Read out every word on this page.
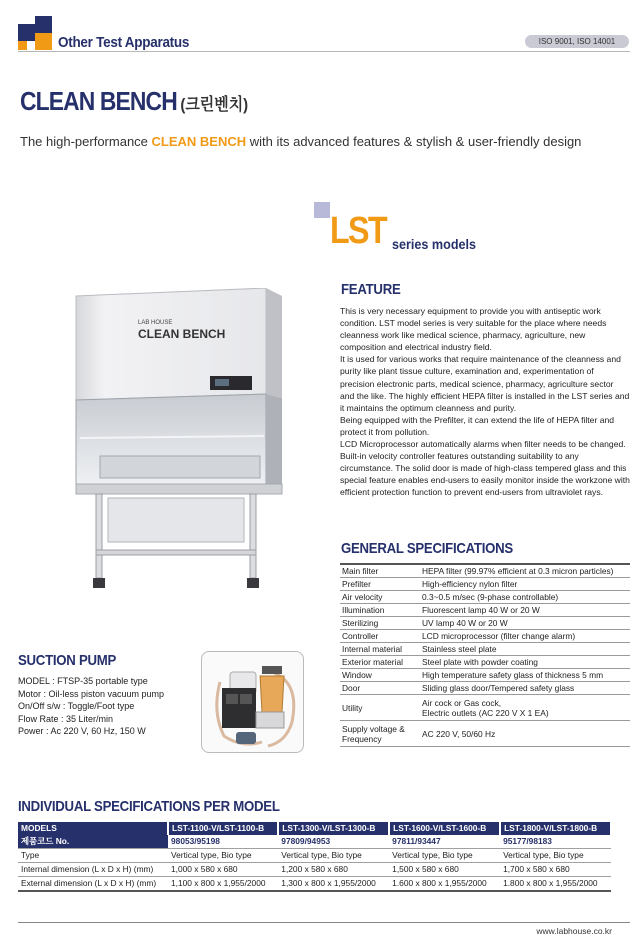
Other Test Apparatus	ISO 9001, ISO 14001
CLEAN BENCH (크린벤치)
The high-performance CLEAN BENCH with its advanced features & stylish & user-friendly design
LST series models
LAB HOUSE
CLEAN BENCH
FEATURE

This is very necessary equipment to provide you with antiseptic work condition. LST model series is very suitable for the place where needs cleanness work like medical science, pharmacy, agriculture, new composition and electrical industry field.

It is used for various works that require maintenance of the cleanness and purity like plant tissue culture, examination and, experimentation of precision electronic parts, medical science, pharmacy, agriculture sector and the like. The highly efficient HEPA filter is installed in the LST series and it maintains the optimum cleanness and purity.

Being equipped with the Prefilter, it can extend the life of HEPA filter and protect it from pollution.

LCD Microprocessor automatically alarms when filter needs to be changed. Built-in velocity controller features outstanding suitability to any circumstance. The solid door is made of high-class tempered glass and this special feature enables end-users to easily monitor inside the workzone with efficient protection function to prevent end-users from ultraviolet rays.

GENERAL SPECIFICATIONS
Main filter	HEPA filter (99.97% efficient at 0.3 micron particles)
Prefilter	High-efficiency nylon filter
Air velocity	0.3~0.5 m/sec (9-phase controllable)
Illumination	Fluorescent lamp 40 W or 20 W
Sterilizing	UV lamp 40 W or 20 W
Controller	LCD microprocessor (filter change alarm)
Internal material	Stainless steel plate
Exterior material	Steel plate with powder coating
Window	High temperature safety glass of thickness 5 mm
Door	Sliding glass door/Tempered safety glass
Utility	Air cock or Gas cock,
Electric outlets (AC 220 V X 1 EA)
Supply voltage &
Frequency	AC 220 V, 50/60 Hz
SUCTION PUMP
MODEL : FTSP-35 portable type
Motor : Oil-less piston vacuum pump
On/Off s/w : Toggle/Foot type
Flow Rate : 35 Liter/min
Power : Ac 220 V, 60 Hz, 150 W
INDIVIDUAL SPECIFICATIONS PER MODEL
MODELS	LST-1100-V/LST-1100-B	LST-1300-V/LST-1300-B	LST-1600-V/LST-1600-B	LST-1800-V/LST-1800-B
제품코드 No.	98053/95198	97809/94953	97811/93447	95177/98183
Type	Vertical type, Bio type	Vertical type, Bio type	Vertical type, Bio type	Vertical type, Bio type
Internal dimension (L x D x H) (mm)	1,000 x 580 x 680	1,200 x 580 x 680	1,500 x 580 x 680	1,700 x 580 x 680
External dimension (L x D x H) (mm)	1,100 x 800 x 1,955/2000	1,300 x 800 x 1,955/2000	1.600 x 800 x 1,955/2000	1.800 x 800 x 1,955/2000
www.labhouse.co.kr
